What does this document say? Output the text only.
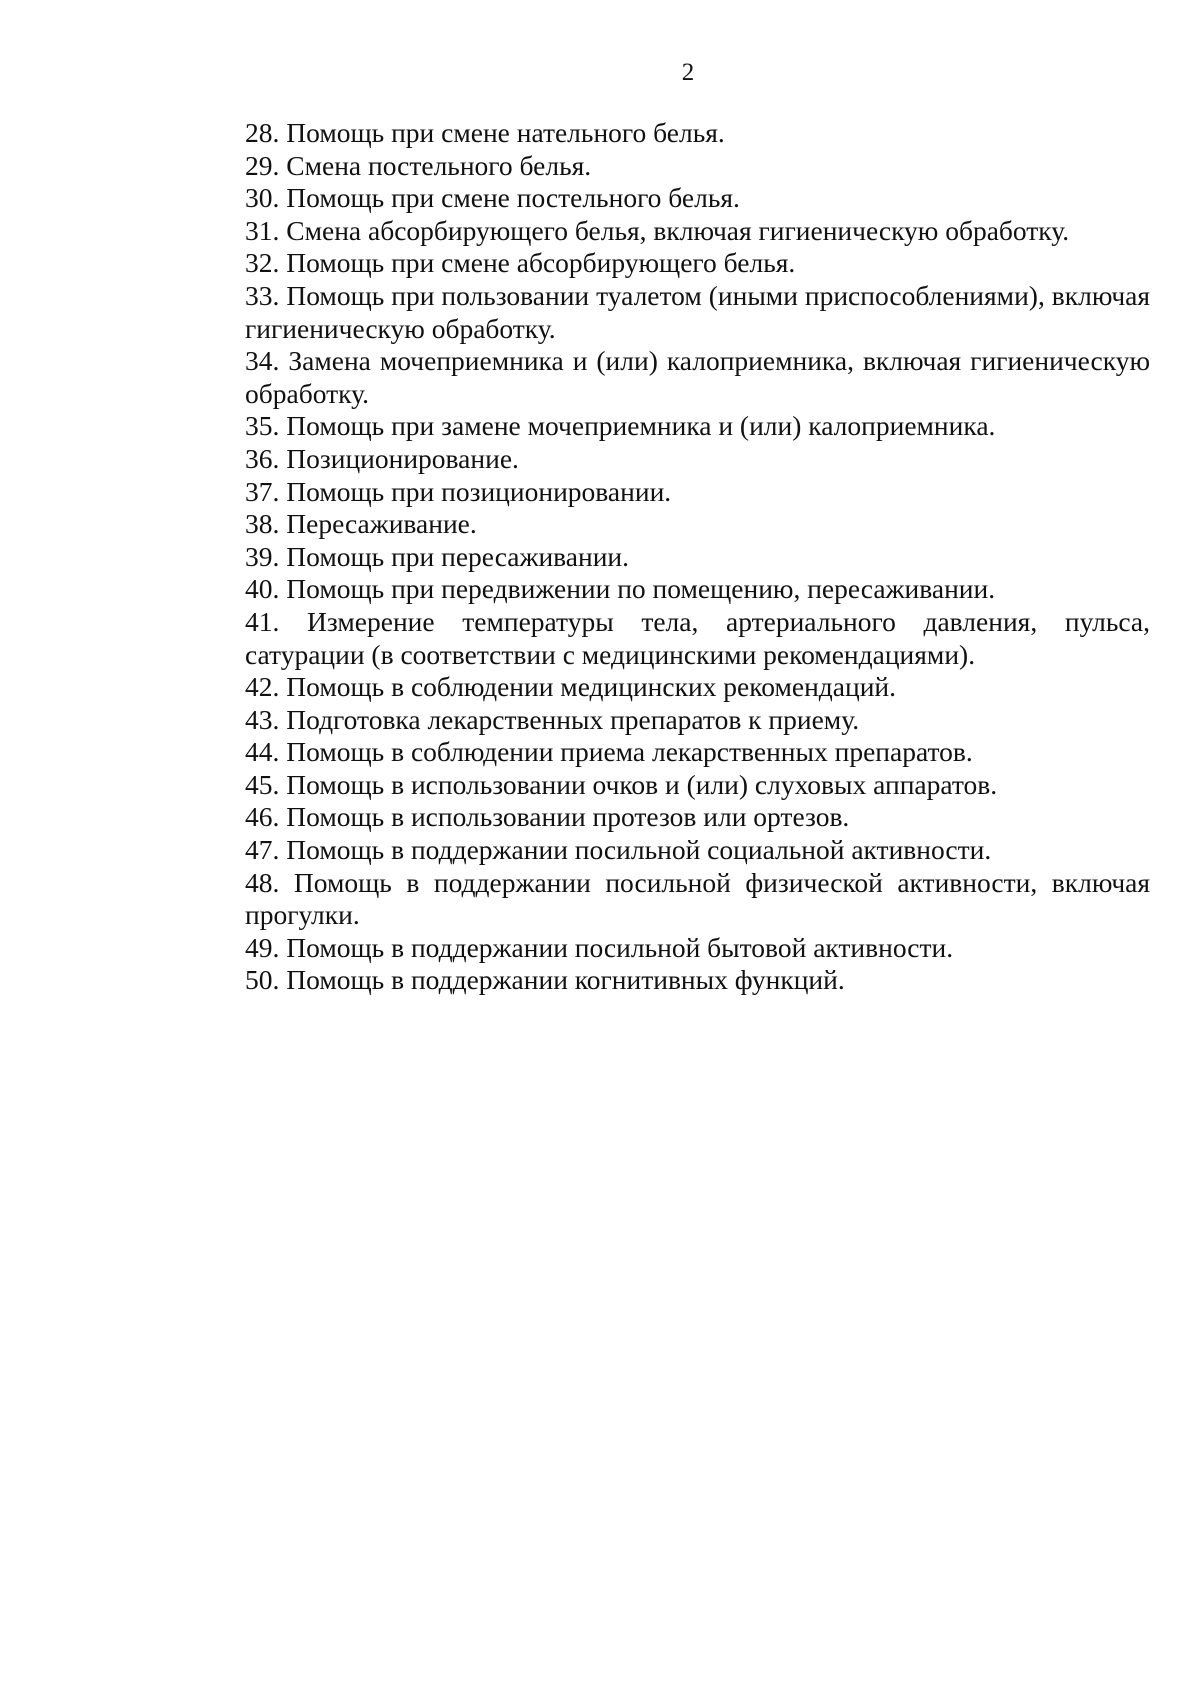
2

28. Помощь при смене нательного белья.

29. Смена постельного белья.

30. Помощь при смене постельного белья.

31. Смена абсорбирующего белья, включая гигиеническую обработку.

32. Помощь при смене абсорбирующего белья.

33. Помощь при пользовании туалетом (иными приспособлениями), включая гигиеническую обработку.

34. Замена мочеприемника и (или) калоприемника, включая гигиеническую обработку.

35. Помощь при замене мочеприемника и (или) калоприемника.

36. Позиционирование.

37. Помощь при позиционировании.

38. Пересаживание.

39. Помощь при пересаживании.

40. Помощь при передвижении по помещению, пересаживании.

41. Измерение температуры тела, артериального давления, пульса, сатурации (в соответствии с медицинскими рекомендациями).

42. Помощь в соблюдении медицинских рекомендаций.

43. Подготовка лекарственных препаратов к приему.

44. Помощь в соблюдении приема лекарственных препаратов.

45. Помощь в использовании очков и (или) слуховых аппаратов.

46. Помощь в использовании протезов или ортезов.

47. Помощь в поддержании посильной социальной активности.

48. Помощь в поддержании посильной физической активности, включая прогулки.

49. Помощь в поддержании посильной бытовой активности.

50. Помощь в поддержании когнитивных функций.
